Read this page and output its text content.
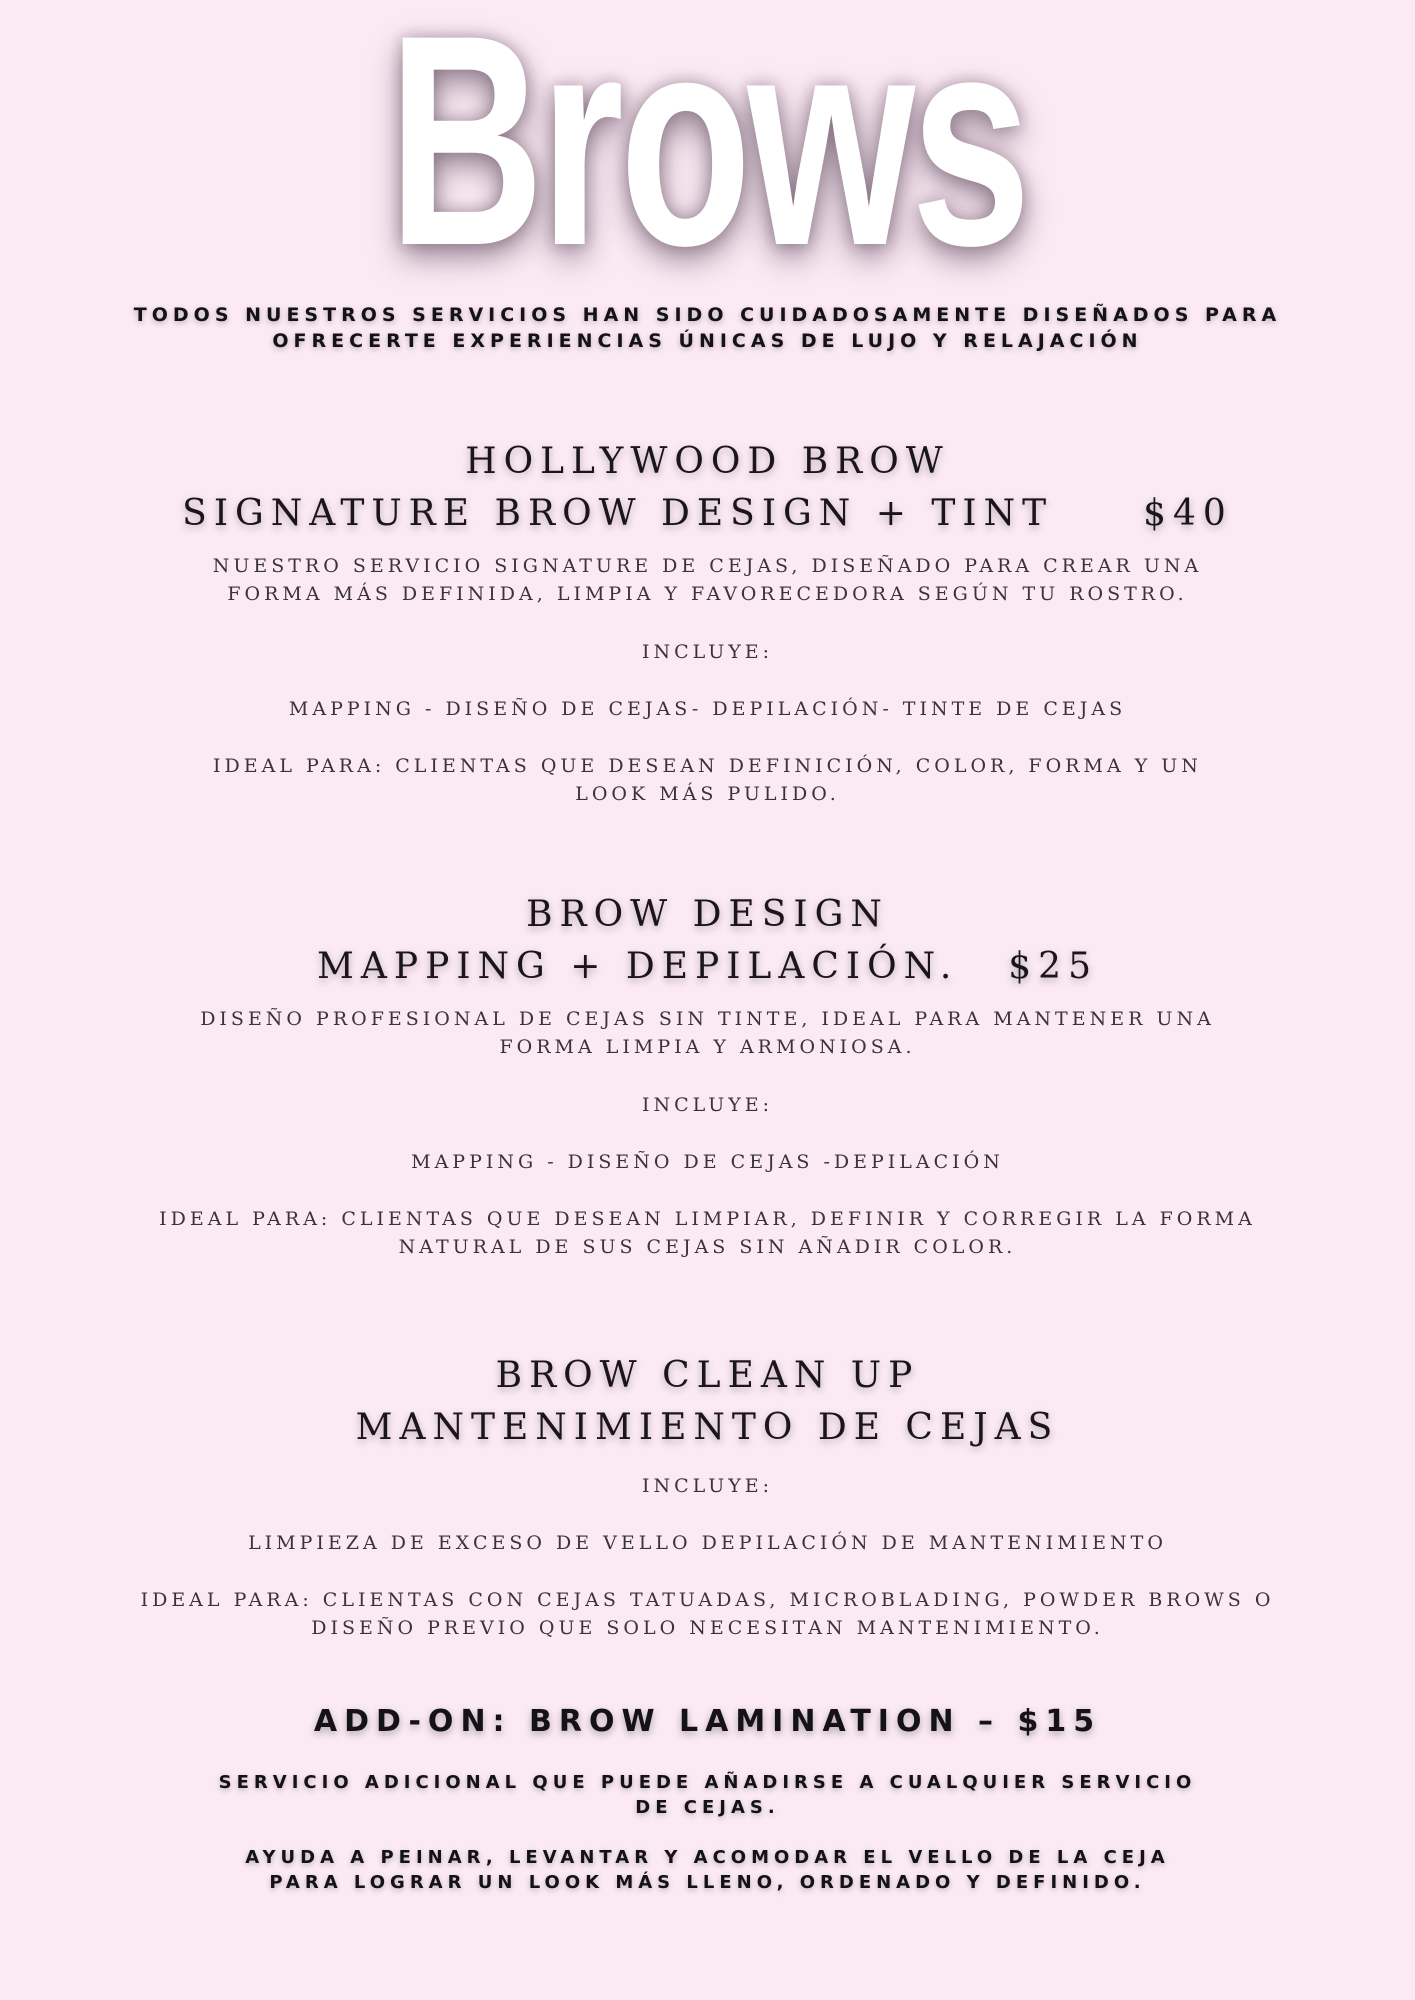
Brows
TODOS NUESTROS SERVICIOS HAN SIDO CUIDADOSAMENTE DISEÑADOS PARA OFRECERTE EXPERIENCIAS ÚNICAS DE LUJO Y RELAJACIÓN
HOLLYWOOD BROW
SIGNATURE BROW DESIGN + TINT	$40
NUESTRO SERVICIO SIGNATURE DE CEJAS, DISEÑADO PARA CREAR UNA FORMA MÁS DEFINIDA, LIMPIA Y FAVORECEDORA SEGÚN TU ROSTRO.
INCLUYE:
MAPPING - DISEÑO DE CEJAS- DEPILACIÓN- TINTE DE CEJAS
IDEAL PARA: CLIENTAS QUE DESEAN DEFINICIÓN, COLOR, FORMA Y UN LOOK MÁS PULIDO.
BROW DESIGN
MAPPING + DEPILACIÓN. $25
DISEÑO PROFESIONAL DE CEJAS SIN TINTE, IDEAL PARA MANTENER UNA FORMA LIMPIA Y ARMONIOSA.
INCLUYE:
MAPPING - DISEÑO DE CEJAS -DEPILACIÓN
IDEAL PARA: CLIENTAS QUE DESEAN LIMPIAR, DEFINIR Y CORREGIR LA FORMA NATURAL DE SUS CEJAS SIN AÑADIR COLOR.
BROW CLEAN UP
MANTENIMIENTO DE CEJAS
INCLUYE:
LIMPIEZA DE EXCESO DE VELLO DEPILACIÓN DE MANTENIMIENTO
IDEAL PARA: CLIENTAS CON CEJAS TATUADAS, MICROBLADING, POWDER BROWS O DISEÑO PREVIO QUE SOLO NECESITAN MANTENIMIENTO.
ADD-ON: BROW LAMINATION – $15
SERVICIO ADICIONAL QUE PUEDE AÑADIRSE A CUALQUIER SERVICIO DE CEJAS.
AYUDA A PEINAR, LEVANTAR Y ACOMODAR EL VELLO DE LA CEJA PARA LOGRAR UN LOOK MÁS LLENO, ORDENADO Y DEFINIDO.
